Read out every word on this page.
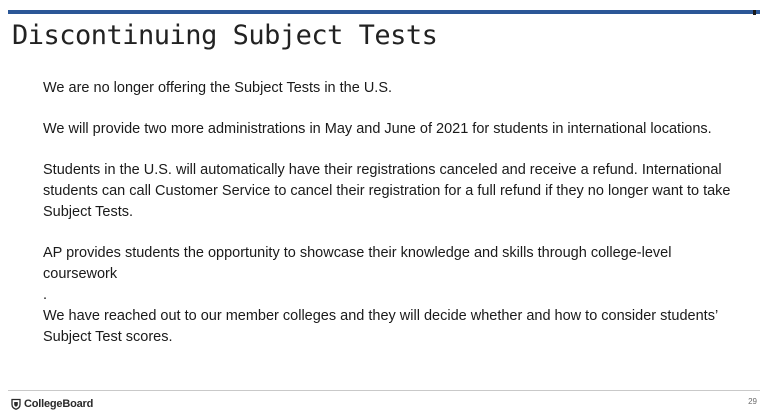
Discontinuing Subject Tests

We are no longer offering the Subject Tests in the U.S.

We will provide two more administrations in May and June of 2021 for students in international locations.

Students in the U.S. will automatically have their registrations canceled and receive a refund. International students can call Customer Service to cancel their registration for a full refund if they no longer want to take Subject Tests.

AP provides students the opportunity to showcase their knowledge and skills through college-level coursework

.

We have reached out to our member colleges and they will decide whether and how to consider students’ Subject Test scores.

CollegeBoard	29
